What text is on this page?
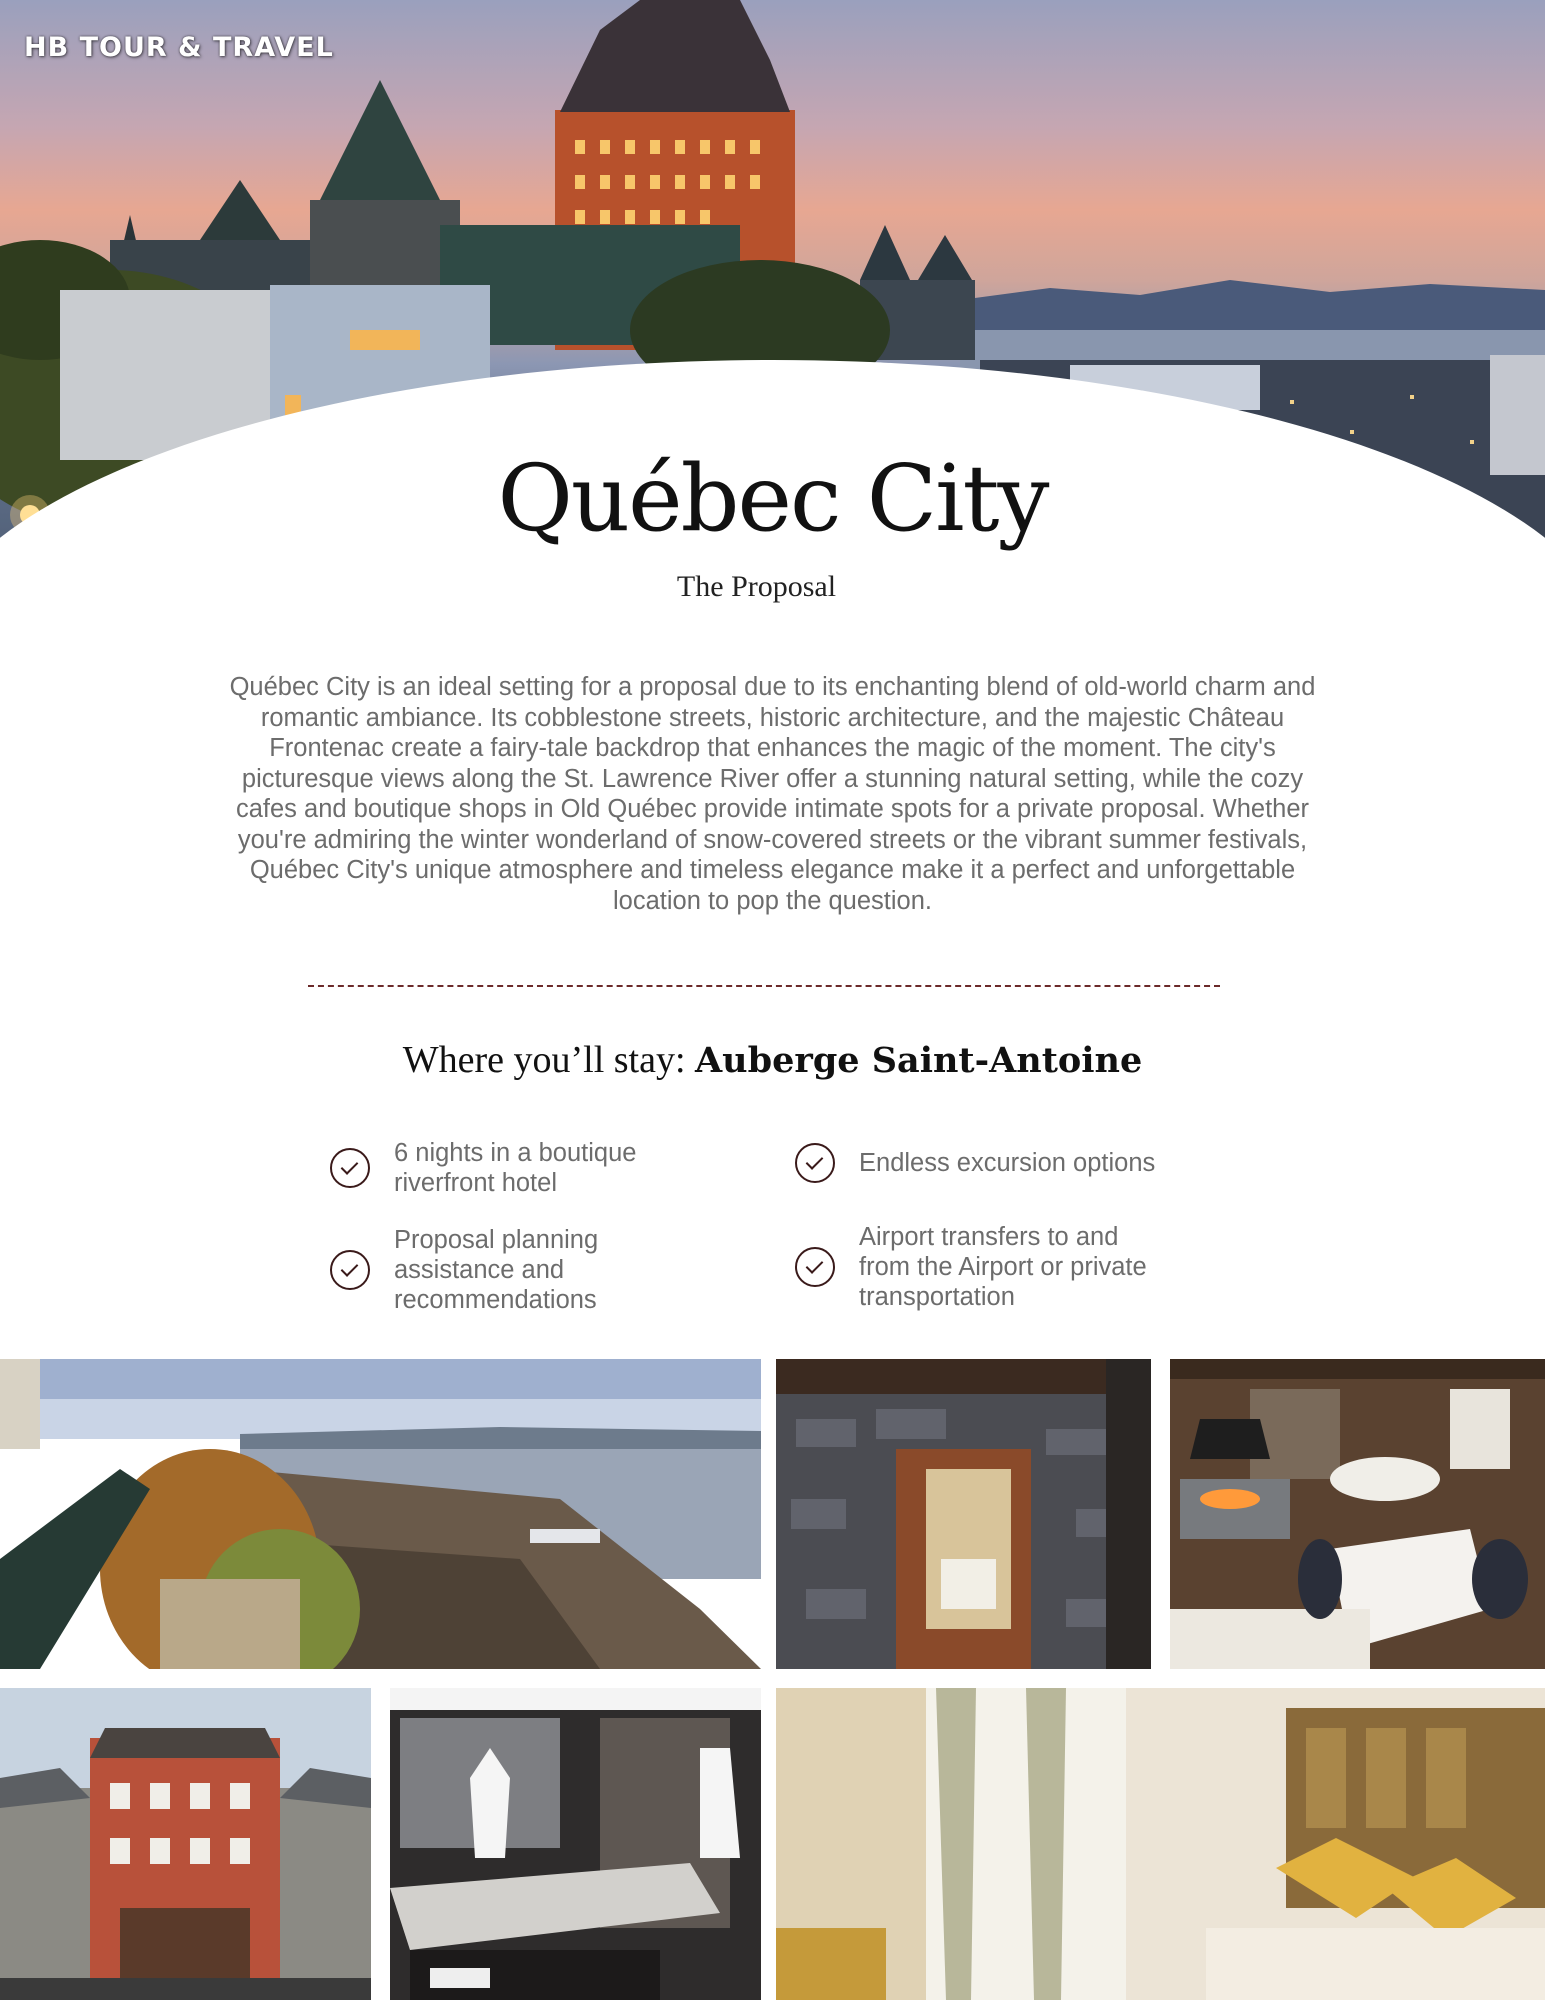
HB TOUR & TRAVEL
Québec City
The Proposal
Québec City is an ideal setting for a proposal due to its enchanting blend of old-world charm and romantic ambiance. Its cobblestone streets, historic architecture, and the majestic Château Frontenac create a fairy-tale backdrop that enhances the magic of the moment. The city's picturesque views along the St. Lawrence River offer a stunning natural setting, while the cozy cafes and boutique shops in Old Québec provide intimate spots for a private proposal. Whether you're admiring the winter wonderland of snow-covered streets or the vibrant summer festivals, Québec City's unique atmosphere and timeless elegance make it a perfect and unforgettable location to pop the question.
Where you’ll stay: Auberge Saint-Antoine
6 nights in a boutique riverfront hotel
Endless excursion options
Proposal planning assistance and recommendations
Airport transfers to and from the Airport or private transportation
